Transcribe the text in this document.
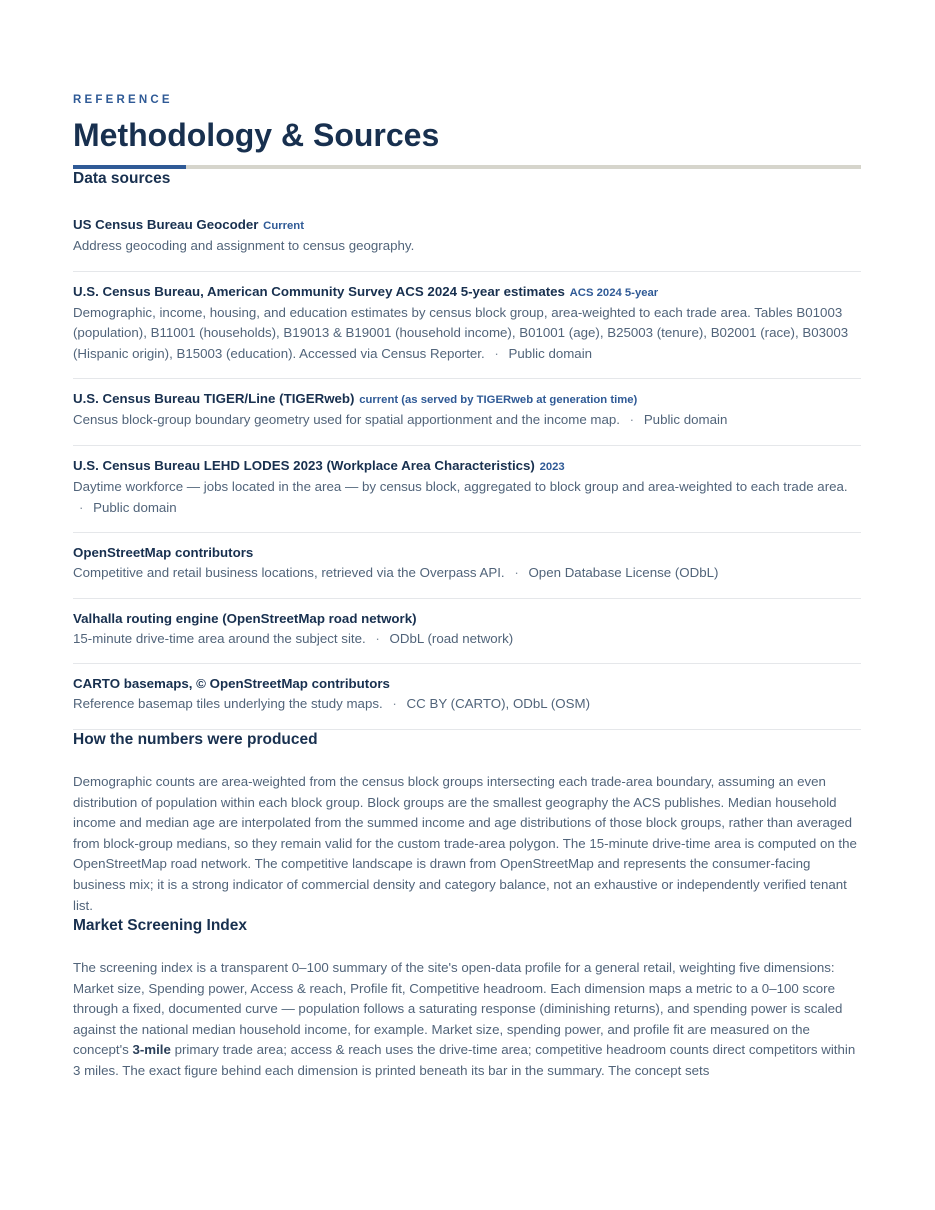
REFERENCE
Methodology & Sources
Data sources
US Census Bureau Geocoder Current
Address geocoding and assignment to census geography.
U.S. Census Bureau, American Community Survey ACS 2024 5-year estimates ACS 2024 5-year
Demographic, income, housing, and education estimates by census block group, area-weighted to each trade area. Tables B01003 (population), B11001 (households), B19013 & B19001 (household income), B01001 (age), B25003 (tenure), B02001 (race), B03003 (Hispanic origin), B15003 (education). Accessed via Census Reporter. · Public domain
U.S. Census Bureau TIGER/Line (TIGERweb) current (as served by TIGERweb at generation time)
Census block-group boundary geometry used for spatial apportionment and the income map. · Public domain
U.S. Census Bureau LEHD LODES 2023 (Workplace Area Characteristics) 2023
Daytime workforce — jobs located in the area — by census block, aggregated to block group and area-weighted to each trade area. · Public domain
OpenStreetMap contributors
Competitive and retail business locations, retrieved via the Overpass API. · Open Database License (ODbL)
Valhalla routing engine (OpenStreetMap road network)
15-minute drive-time area around the subject site. · ODbL (road network)
CARTO basemaps, © OpenStreetMap contributors
Reference basemap tiles underlying the study maps. · CC BY (CARTO), ODbL (OSM)
How the numbers were produced

Demographic counts are area-weighted from the census block groups intersecting each trade-area boundary, assuming an even distribution of population within each block group. Block groups are the smallest geography the ACS publishes. Median household income and median age are interpolated from the summed income and age distributions of those block groups, rather than averaged from block-group medians, so they remain valid for the custom trade-area polygon. The 15-minute drive-time area is computed on the OpenStreetMap road network. The competitive landscape is drawn from OpenStreetMap and represents the consumer-facing business mix; it is a strong indicator of commercial density and category balance, not an exhaustive or independently verified tenant list.

Market Screening Index

The screening index is a transparent 0–100 summary of the site's open-data profile for a general retail, weighting five dimensions: Market size, Spending power, Access & reach, Profile fit, Competitive headroom. Each dimension maps a metric to a 0–100 score through a fixed, documented curve — population follows a saturating response (diminishing returns), and spending power is scaled against the national median household income, for example. Market size, spending power, and profile fit are measured on the concept's 3-mile primary trade area; access & reach uses the drive-time area; competitive headroom counts direct competitors within 3 miles. The exact figure behind each dimension is printed beneath its bar in the summary. The concept sets
